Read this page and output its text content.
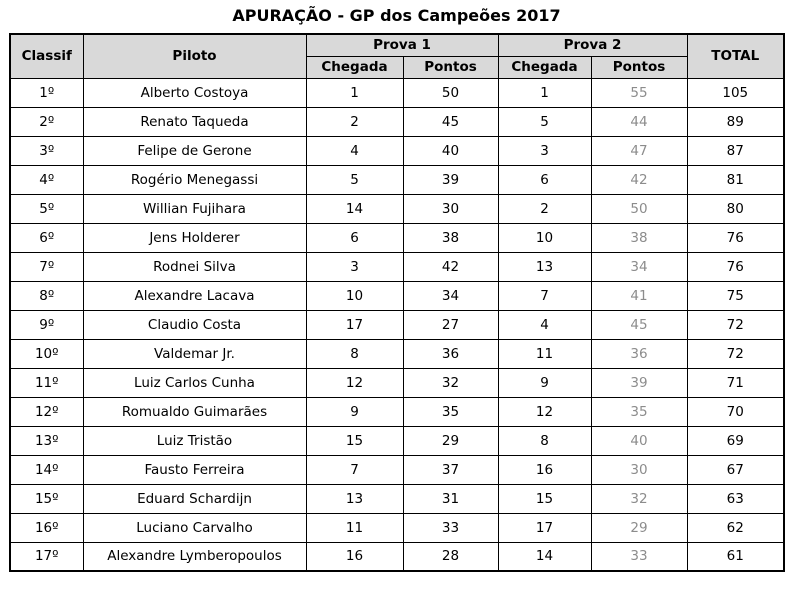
APURAÇÃO - GP dos Campeões 2017
Classif	Piloto	Prova 1		Prova 2		TOTAL
		Chegada	Pontos	Chegada	Pontos	
1º	Alberto Costoya	1	50	1	55	105
2º	Renato Taqueda	2	45	5	44	89
3º	Felipe de Gerone	4	40	3	47	87
4º	Rogério Menegassi	5	39	6	42	81
5º	Willian Fujihara	14	30	2	50	80
6º	Jens Holderer	6	38	10	38	76
7º	Rodnei Silva	3	42	13	34	76
8º	Alexandre Lacava	10	34	7	41	75
9º	Claudio Costa	17	27	4	45	72
10º	Valdemar Jr.	8	36	11	36	72
11º	Luiz Carlos Cunha	12	32	9	39	71
12º	Romualdo Guimarães	9	35	12	35	70
13º	Luiz Tristão	15	29	8	40	69
14º	Fausto Ferreira	7	37	16	30	67
15º	Eduard Schardijn	13	31	15	32	63
16º	Luciano Carvalho	11	33	17	29	62
17º	Alexandre Lymberopoulos	16	28	14	33	61
